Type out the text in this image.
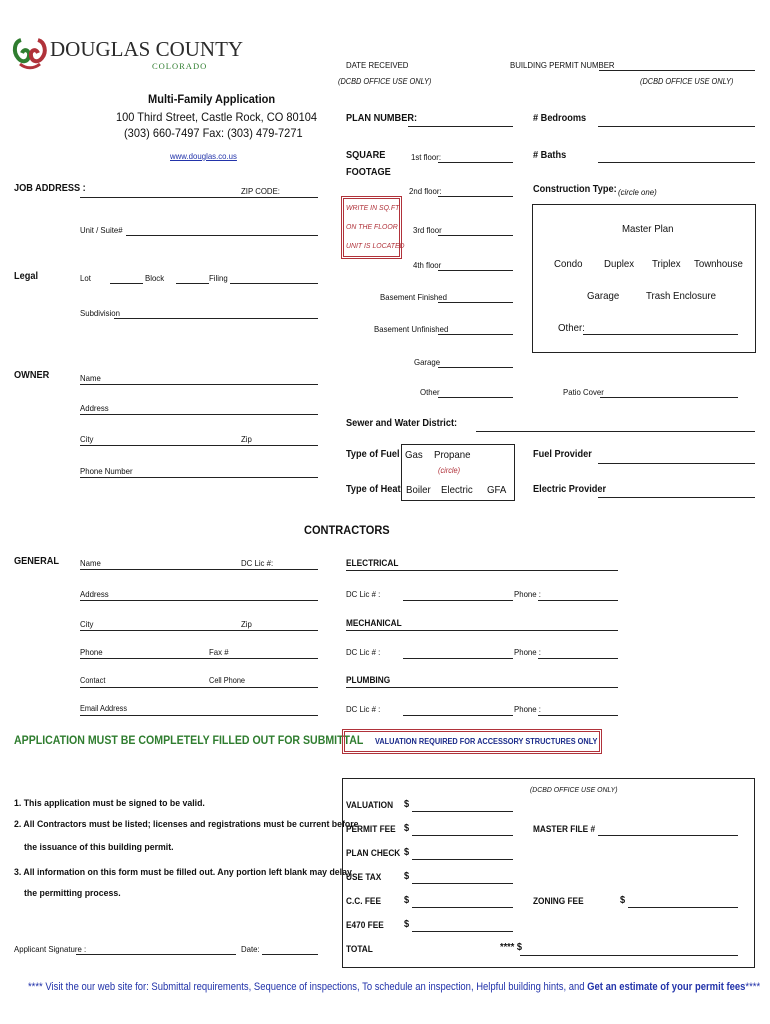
DOUGLAS COUNTY
COLORADO	DATE RECEIVED
(DCBD OFFICE USE ONLY)
BUILDING PERMIT NUMBER
(DCBD OFFICE USE ONLY)
Multi-Family Application
100 Third Street, Castle Rock, CO 80104
(303) 660-7497 Fax: (303) 479-7271
www.douglas.co.us
JOB ADDRESS :	ZIP CODE:
Unit / Suite#
Legal	Lot	Block	Filing
Subdivision
OWNER	Name
Address
City	Zip
Phone Number
PLAN NUMBER:	# Bedrooms
SQUARE
FOOTAGE
1st floor:	# Baths
2nd floor:
WRITE IN SQ.FT.
ON THE FLOOR
UNIT IS LOCATED
3rd floor
4th floor
Basement Finished
Basement Unfinished
Garage
Other	Patio Cover
Construction Type: (circle one)
Master Plan
Condo Duplex Triplex Townhouse
Garage	Trash Enclosure
Other:
Sewer and Water District:
Type of Fuel Gas Propane
(circle)
Fuel Provider
Type of Heat Boiler Electric GFA	Electric Provider
CONTRACTORS
GENERAL Name	DC Lic #:
Address
City	Zip
Phone	Fax #
Contact	Cell Phone
Email Address
ELECTRICAL
DC Lic # :	Phone :
MECHANICAL
DC Lic # :	Phone :
PLUMBING
DC Lic # :	Phone :
APPLICATION MUST BE COMPLETELY FILLED OUT FOR SUBMITTAL VALUATION REQUIRED FOR ACCESSORY STRUCTURES ONLY
1. This application must be signed to be valid.
2. All Contractors must be listed; licenses and registrations must be current before
the issuance of this building permit.
3. All information on this form must be filled out. Any portion left blank may delay
the permitting process.
Applicant Signature :	Date:
(DCBD OFFICE USE ONLY)
VALUATION $
PERMIT FEE $	MASTER FILE #
PLAN CHECK $
USE TAX $
C.C. FEE $	ZONING FEE	$
E470 FEE $
TOTAL	**** $
**** Visit the our web site for: Submittal requirements, Sequence of inspections, To schedule an inspection, Helpful building hints, and Get an estimate of your permit fees****
